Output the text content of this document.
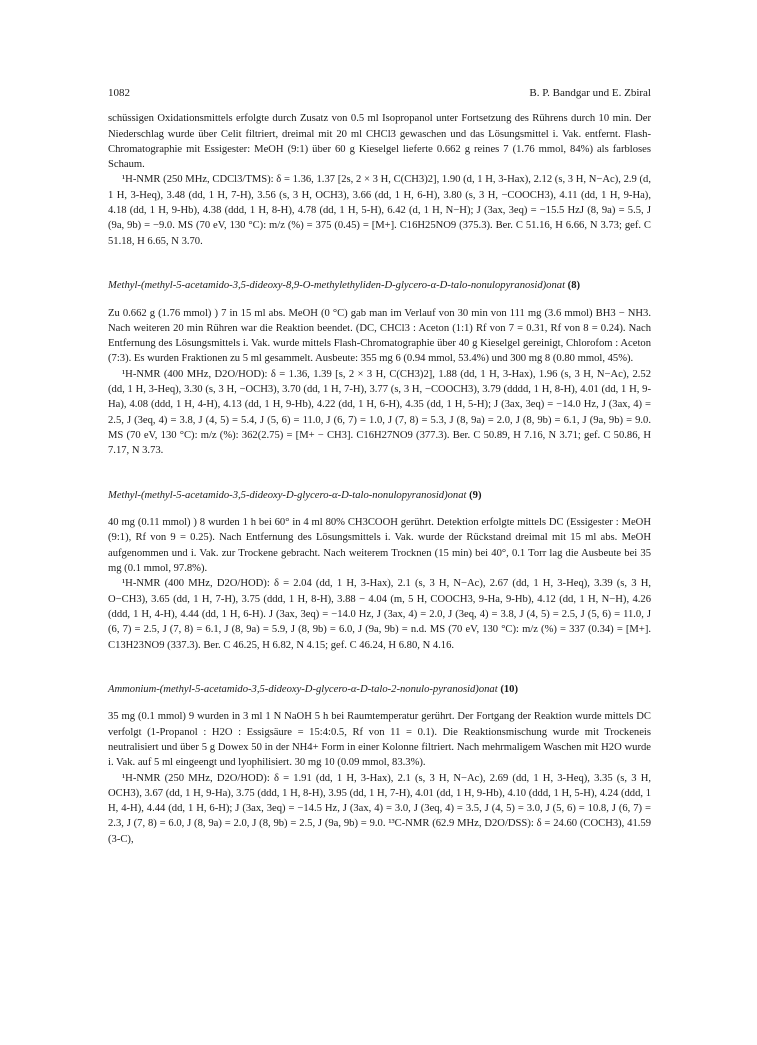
1082	B. P. Bandgar und E. Zbiral

schüssigen Oxidationsmittels erfolgte durch Zusatz von 0.5 ml Isopropanol unter Fortsetzung des Rührens durch 10 min. Der Niederschlag wurde über Celit filtriert, dreimal mit 20 ml CHCl3 gewaschen und das Lösungsmittel i. Vak. entfernt. Flash-Chromatographie mit Essigester: MeOH (9:1) über 60 g Kieselgel lieferte 0.662 g reines 7 (1.76 mmol, 84%) als farbloses Schaum.

¹H-NMR (250 MHz, CDCl3/TMS): δ = 1.36, 1.37 [2s, 2 × 3 H, C(CH3)2], 1.90 (d, 1 H, 3-Hax), 2.12 (s, 3 H, N−Ac), 2.9 (d, 1 H, 3-Heq), 3.48 (dd, 1 H, 7-H), 3.56 (s, 3 H, OCH3), 3.66 (dd, 1 H, 6-H), 3.80 (s, 3 H, −COOCH3), 4.11 (dd, 1 H, 9-Ha), 4.18 (dd, 1 H, 9-Hb), 4.38 (ddd, 1 H, 8-H), 4.78 (dd, 1 H, 5-H), 6.42 (d, 1 H, N−H); J (3ax, 3eq) = −15.5 HzJ (8, 9a) = 5.5, J (9a, 9b) = −9.0. MS (70 eV, 130 °C): m/z (%) = 375 (0.45) = [M+]. C16H25NO9 (375.3). Ber. C 51.16, H 6.66, N 3.73; gef. C 51.18, H 6.65, N 3.70.

Methyl-(methyl-5-acetamido-3,5-dideoxy-8,9-O-methylethyliden-D-glycero-α-D-talo-nonulopyranosid)onat (8)

Zu 0.662 g (1.76 mmol) ) 7 in 15 ml abs. MeOH (0 °C) gab man im Verlauf von 30 min von 111 mg (3.6 mmol) BH3 − NH3. Nach weiteren 20 min Rühren war die Reaktion beendet. (DC, CHCl3 : Aceton (1:1) Rf von 7 = 0.31, Rf von 8 = 0.24). Nach Entfernung des Lösungsmittels i. Vak. wurde mittels Flash-Chromatographie über 40 g Kieselgel gereinigt, Chlorofom : Aceton (7:3). Es wurden Fraktionen zu 5 ml gesammelt. Ausbeute: 355 mg 6 (0.94 mmol, 53.4%) und 300 mg 8 (0.80 mmol, 45%).

¹H-NMR (400 MHz, D2O/HOD): δ = 1.36, 1.39 [s, 2 × 3 H, C(CH3)2], 1.88 (dd, 1 H, 3-Hax), 1.96 (s, 3 H, N−Ac), 2.52 (dd, 1 H, 3-Heq), 3.30 (s, 3 H, −OCH3), 3.70 (dd, 1 H, 7-H), 3.77 (s, 3 H, −COOCH3), 3.79 (dddd, 1 H, 8-H), 4.01 (dd, 1 H, 9-Ha), 4.08 (ddd, 1 H, 4-H), 4.13 (dd, 1 H, 9-Hb), 4.22 (dd, 1 H, 6-H), 4.35 (dd, 1 H, 5-H); J (3ax, 3eq) = −14.0 Hz, J (3ax, 4) = 2.5, J (3eq, 4) = 3.8, J (4, 5) = 5.4, J (5, 6) = 11.0, J (6, 7) = 1.0, J (7, 8) = 5.3, J (8, 9a) = 2.0, J (8, 9b) = 6.1, J (9a, 9b) = 9.0. MS (70 eV, 130 °C): m/z (%): 362(2.75) = [M+ − CH3]. C16H27NO9 (377.3). Ber. C 50.89, H 7.16, N 3.71; gef. C 50.86, H 7.17, N 3.73.

Methyl-(methyl-5-acetamido-3,5-dideoxy-D-glycero-α-D-talo-nonulopyranosid)onat (9)

40 mg (0.11 mmol) ) 8 wurden 1 h bei 60° in 4 ml 80% CH3COOH gerührt. Detektion erfolgte mittels DC (Essigester : MeOH (9:1), Rf von 9 = 0.25). Nach Entfernung des Lösungsmittels i. Vak. wurde der Rückstand dreimal mit 15 ml abs. MeOH aufgenommen und i. Vak. zur Trockene gebracht. Nach weiterem Trocknen (15 min) bei 40°, 0.1 Torr lag die Ausbeute bei 35 mg (0.1 mmol, 97.8%).

¹H-NMR (400 MHz, D2O/HOD): δ = 2.04 (dd, 1 H, 3-Hax), 2.1 (s, 3 H, N−Ac), 2.67 (dd, 1 H, 3-Heq), 3.39 (s, 3 H, O−CH3), 3.65 (dd, 1 H, 7-H), 3.75 (ddd, 1 H, 8-H), 3.88 − 4.04 (m, 5 H, COOCH3, 9-Ha, 9-Hb), 4.12 (dd, 1 H, N−H), 4.26 (ddd, 1 H, 4-H), 4.44 (dd, 1 H, 6-H). J (3ax, 3eq) = −14.0 Hz, J (3ax, 4) = 2.0, J (3eq, 4) = 3.8, J (4, 5) = 2.5, J (5, 6) = 11.0, J (6, 7) = 2.5, J (7, 8) = 6.1, J (8, 9a) = 5.9, J (8, 9b) = 6.0, J (9a, 9b) = n.d. MS (70 eV, 130 °C): m/z (%) = 337 (0.34) = [M+]. C13H23NO9 (337.3). Ber. C 46.25, H 6.82, N 4.15; gef. C 46.24, H 6.80, N 4.16.

Ammonium-(methyl-5-acetamido-3,5-dideoxy-D-glycero-α-D-talo-2-nonulo-pyranosid)onat (10)

35 mg (0.1 mmol) 9 wurden in 3 ml 1 N NaOH 5 h bei Raumtemperatur gerührt. Der Fortgang der Reaktion wurde mittels DC verfolgt (1-Propanol : H2O : Essigsäure = 15:4:0.5, Rf von 11 = 0.1). Die Reaktionsmischung wurde mit Trockeneis neutralisiert und über 5 g Dowex 50 in der NH4+ Form in einer Kolonne filtriert. Nach mehrmaligem Waschen mit H2O wurde i. Vak. auf 5 ml eingeengt und lyophilisiert. 30 mg 10 (0.09 mmol, 83.3%).

¹H-NMR (250 MHz, D2O/HOD): δ = 1.91 (dd, 1 H, 3-Hax), 2.1 (s, 3 H, N−Ac), 2.69 (dd, 1 H, 3-Heq), 3.35 (s, 3 H, OCH3), 3.67 (dd, 1 H, 9-Ha), 3.75 (ddd, 1 H, 8-H), 3.95 (dd, 1 H, 7-H), 4.01 (dd, 1 H, 9-Hb), 4.10 (ddd, 1 H, 5-H), 4.24 (ddd, 1 H, 4-H), 4.44 (dd, 1 H, 6-H); J (3ax, 3eq) = −14.5 Hz, J (3ax, 4) = 3.0, J (3eq, 4) = 3.5, J (4, 5) = 3.0, J (5, 6) = 10.8, J (6, 7) = 2.3, J (7, 8) = 6.0, J (8, 9a) = 2.0, J (8, 9b) = 2.5, J (9a, 9b) = 9.0. ¹³C-NMR (62.9 MHz, D2O/DSS): δ = 24.60 (COCH3), 41.59 (3-C),
